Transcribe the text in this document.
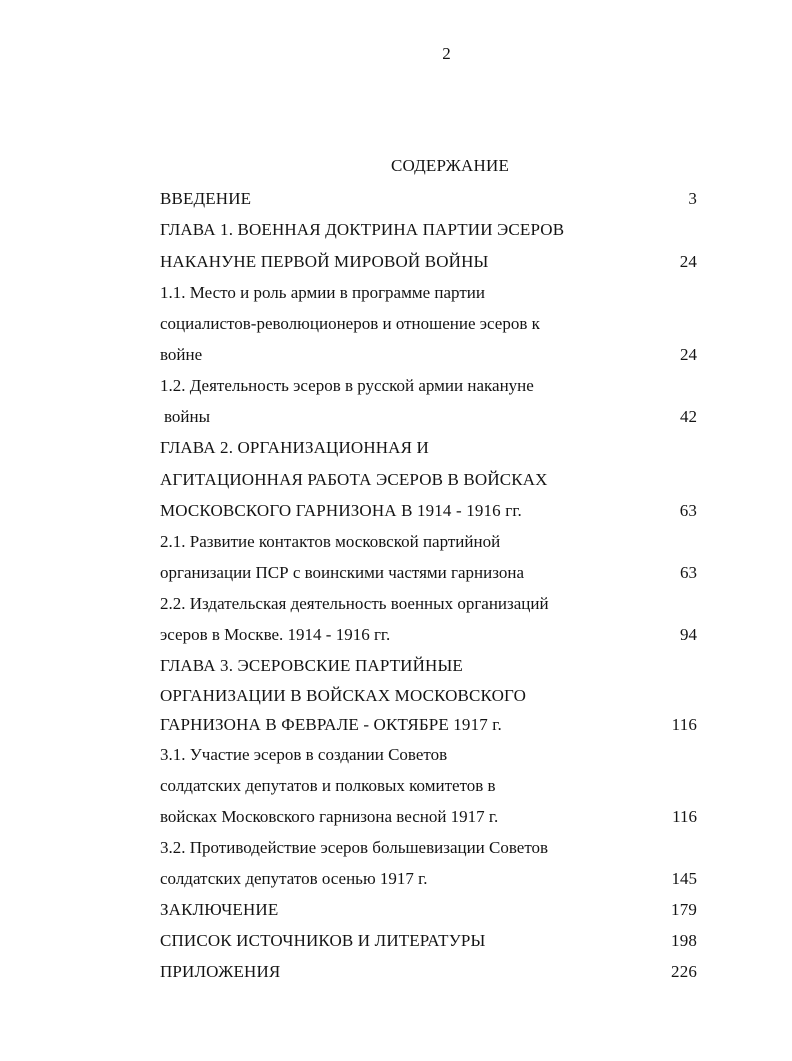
2
СОДЕРЖАНИЕ
ВВЕДЕНИЕ	3
ГЛАВА 1. ВОЕННАЯ ДОКТРИНА ПАРТИИ ЭСЕРОВ
НАКАНУНЕ ПЕРВОЙ МИРОВОЙ ВОЙНЫ	24
1.1. Место и роль армии в программе партии
социалистов-революционеров и отношение эсеров к
войне	24
1.2. Деятельность эсеров в русской армии накануне
войны	42
ГЛАВА 2. ОРГАНИЗАЦИОННАЯ И
АГИТАЦИОННАЯ РАБОТА ЭСЕРОВ В ВОЙСКАХ
МОСКОВСКОГО ГАРНИЗОНА В 1914 - 1916 гг.	63
2.1. Развитие контактов московской партийной
организации ПСР с воинскими частями гарнизона	63
2.2. Издательская деятельность военных организаций
эсеров в Москве. 1914 - 1916 гг.	94
ГЛАВА 3. ЭСЕРОВСКИЕ ПАРТИЙНЫЕ
ОРГАНИЗАЦИИ В ВОЙСКАХ МОСКОВСКОГО
ГАРНИЗОНА В ФЕВРАЛЕ - ОКТЯБРЕ 1917 г.	116
3.1. Участие эсеров в создании Советов
солдатских депутатов и полковых комитетов в
войсках Московского гарнизона весной 1917 г.	116
3.2. Противодействие эсеров большевизации Советов
солдатских депутатов осенью 1917 г.	145
ЗАКЛЮЧЕНИЕ	179
СПИСОК ИСТОЧНИКОВ И ЛИТЕРАТУРЫ	198
ПРИЛОЖЕНИЯ	226
